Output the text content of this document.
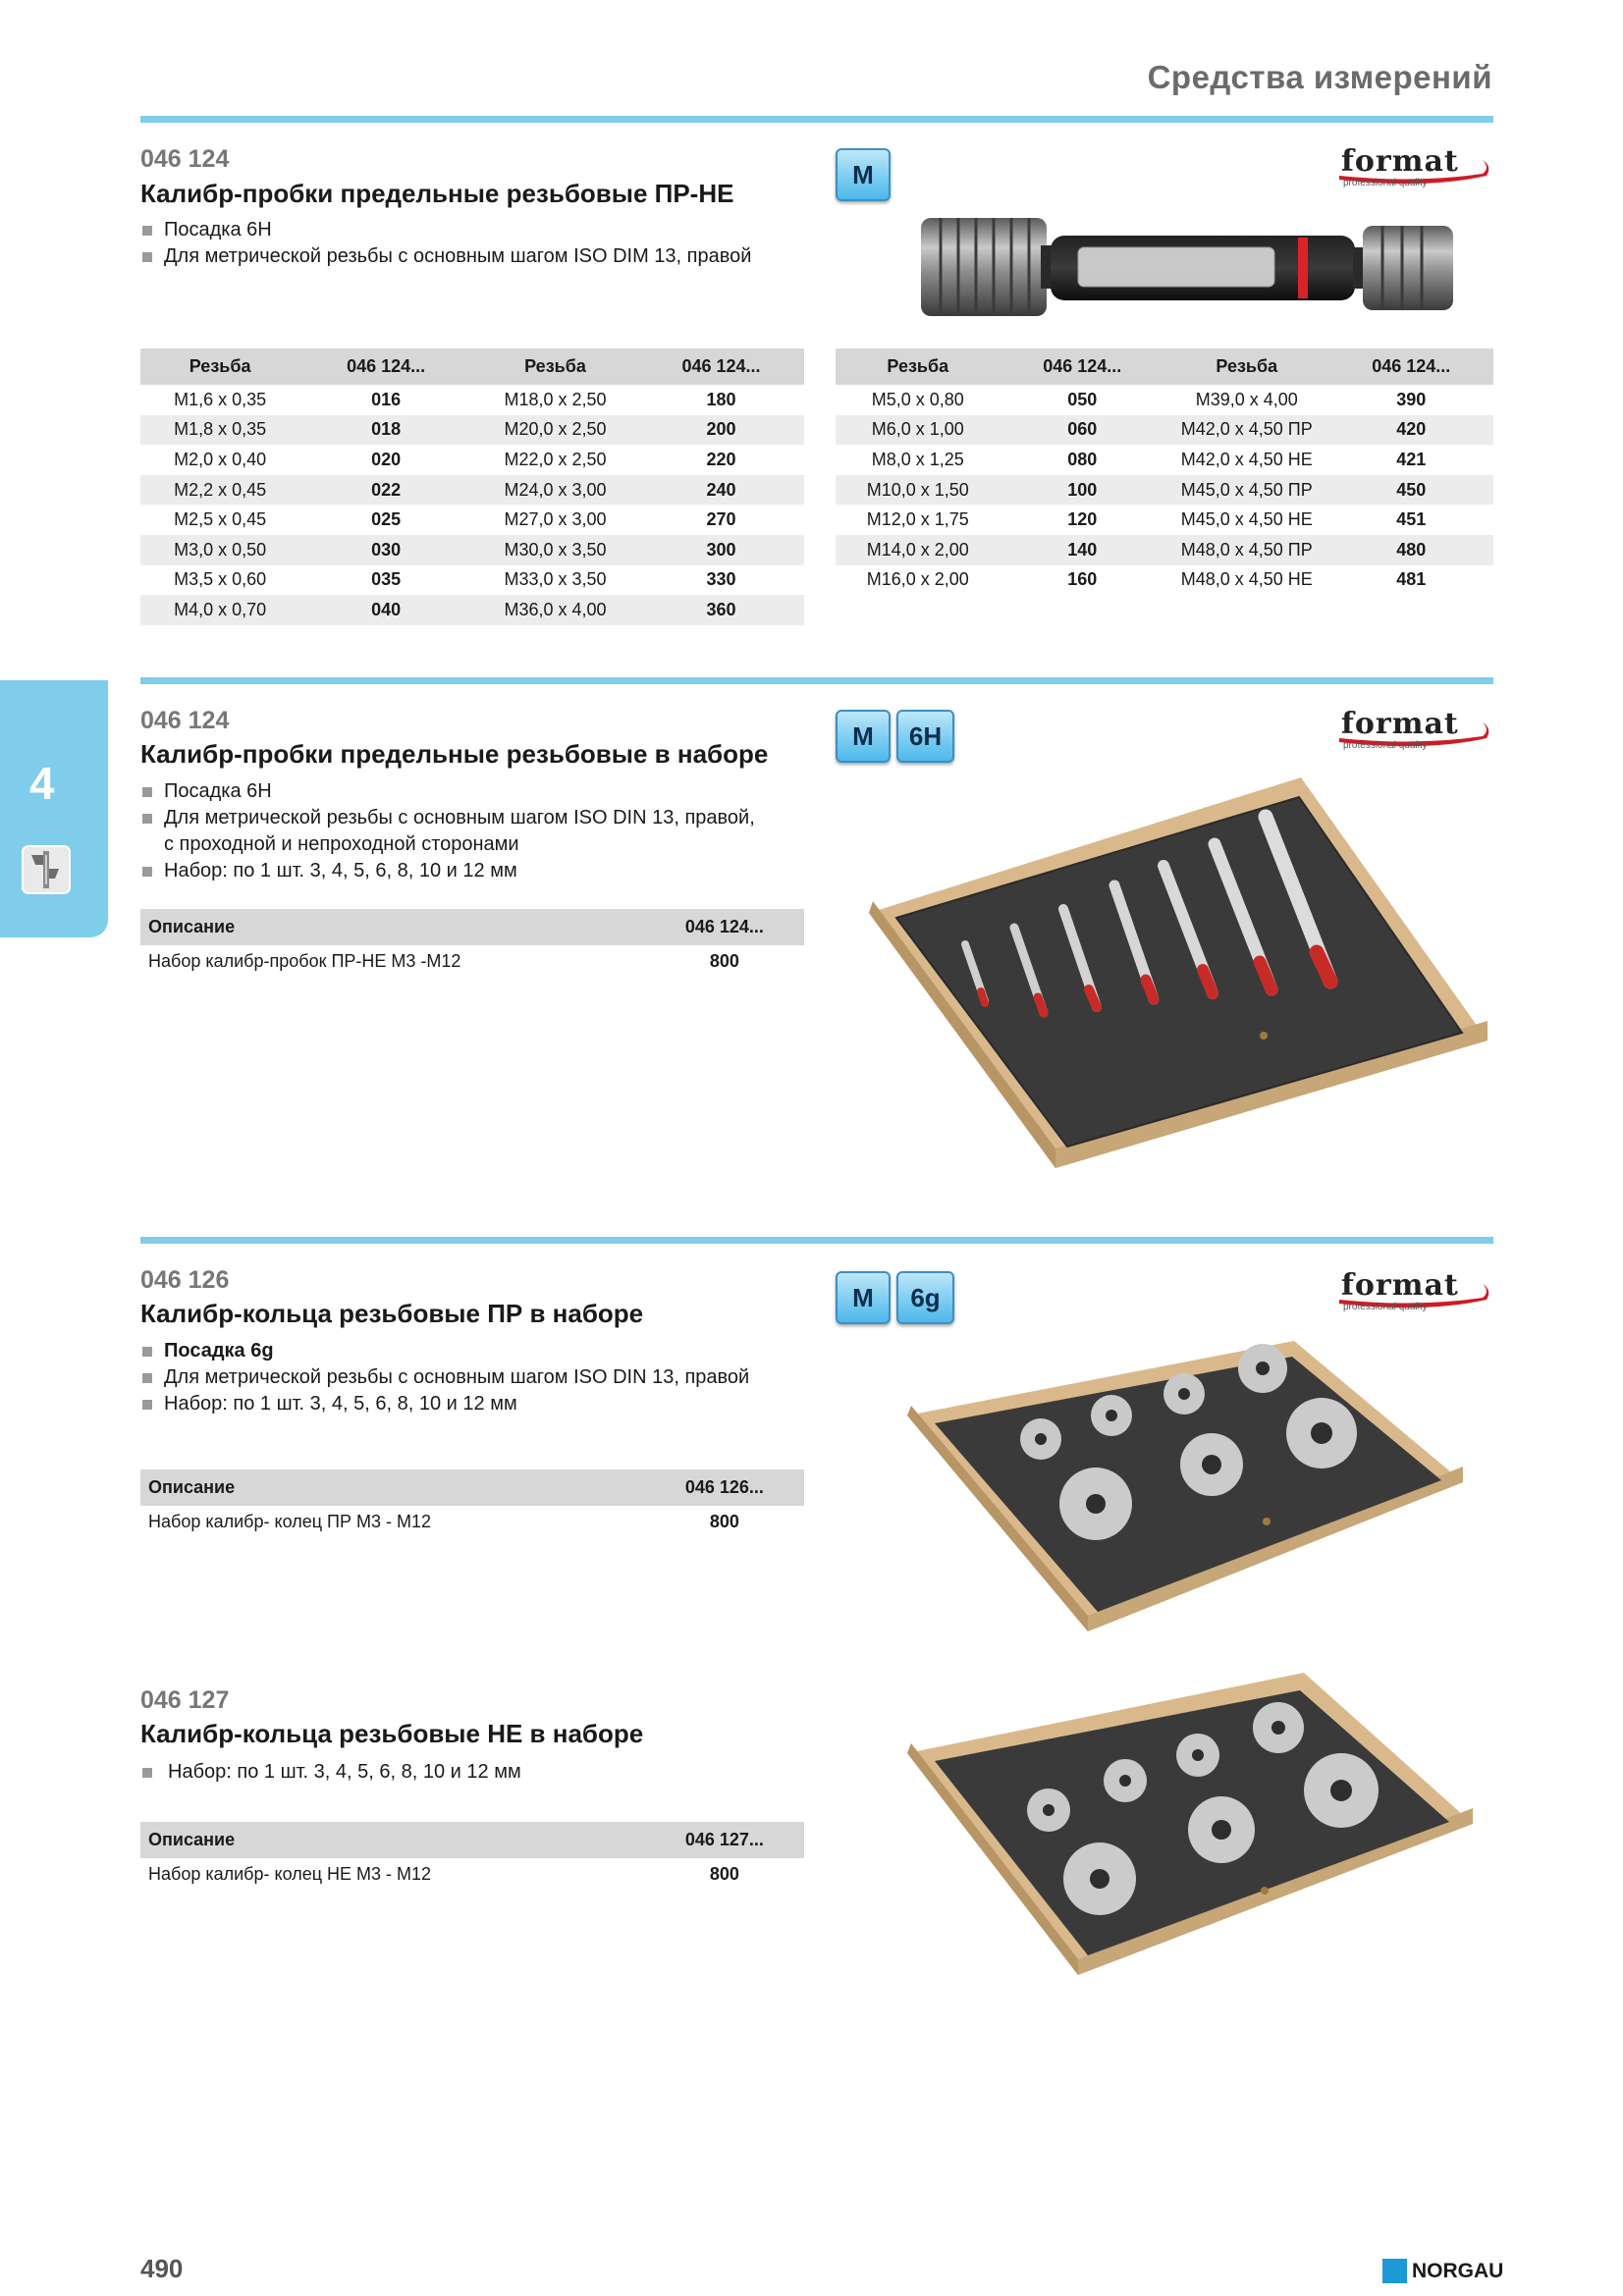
Средства измерений
4
046 124
Калибр-пробки предельные резьбовые ПР-НЕ
Посадка 6H
Для метрической резьбы с основным шагом ISO DIM 13, правой
M	format
professional quality
Резьба	046 124...	Резьба	046 124...
M1,6 x 0,35	016	M18,0 x 2,50	180
M1,8 x 0,35	018	M20,0 x 2,50	200
M2,0 x 0,40	020	M22,0 x 2,50	220
M2,2 x 0,45	022	M24,0 x 3,00	240
M2,5 x 0,45	025	M27,0 x 3,00	270
M3,0 x 0,50	030	M30,0 x 3,50	300
M3,5 x 0,60	035	M33,0 x 3,50	330
M4,0 x 0,70	040	M36,0 x 4,00	360
Резьба	046 124...	Резьба	046 124...
M5,0 x 0,80	050	M39,0 x 4,00	390
M6,0 x 1,00	060	M42,0 x 4,50 ПР	420
M8,0 x 1,25	080	M42,0 x 4,50 HE	421
M10,0 x 1,50	100	M45,0 x 4,50 ПР	450
M12,0 x 1,75	120	M45,0 x 4,50 HE	451
M14,0 x 2,00	140	M48,0 x 4,50 ПР	480
M16,0 x 2,00	160	M48,0 x 4,50 HE	481
046 124
Калибр-пробки предельные резьбовые в наборе
Посадка 6H
Для метрической резьбы с основным шагом ISO DIN 13, правой,
с проходной и непроходной сторонами
Набор: по 1 шт. 3, 4, 5, 6, 8, 10 и 12 мм
M	6H	format
professional quality
Описание	046 124...
Набор калибр-пробок ПР-НЕ М3 -М12	800
046 126
Калибр-кольца резьбовые ПР в наборе
Посадка 6g
Для метрической резьбы с основным шагом ISO DIN 13, правой
Набор: по 1 шт. 3, 4, 5, 6, 8, 10 и 12 мм
M	6g	format
professional quality
Описание	046 126...
Набор калибр- колец ПР М3 - М12	800
046 127
Калибр-кольца резьбовые НЕ в наборе
Набор: по 1 шт. 3, 4, 5, 6, 8, 10 и 12 мм
Описание	046 127...
Набор калибр- колец НЕ М3 - М12	800
490	NORGAU
